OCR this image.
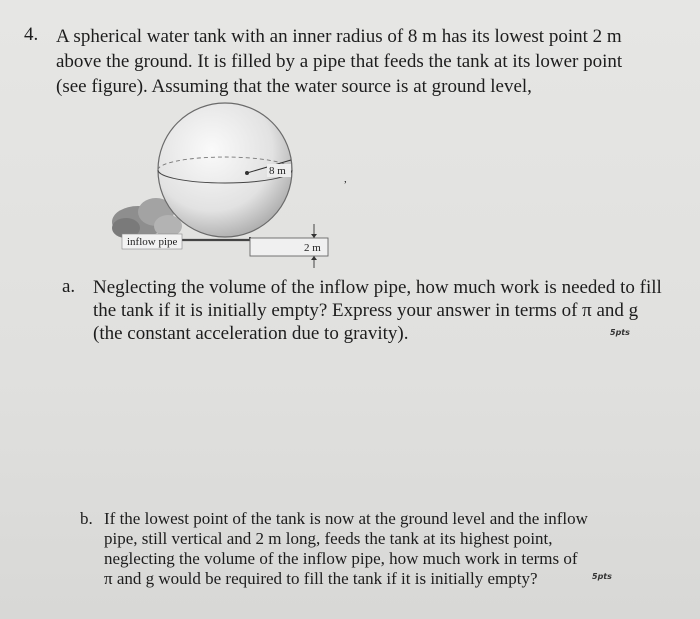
4. A spherical water tank with an inner radius of 8 m has its lowest point 2 m
above the ground. It is filled by a pipe that feeds the tank at its lower point
(see figure). Assuming that the water source is at ground level,
8 m
,
inflow pipe	2 m
a. Neglecting the volume of the inflow pipe, how much work is needed to fill
the tank if it is initially empty? Express your answer in terms of π and g
(the constant acceleration due to gravity).	5pts
b. If the lowest point of the tank is now at the ground level and the inflow
pipe, still vertical and 2 m long, feeds the tank at its highest point,
neglecting the volume of the inflow pipe, how much work in terms of
π and g would be required to fill the tank if it is initially empty?	5pts
